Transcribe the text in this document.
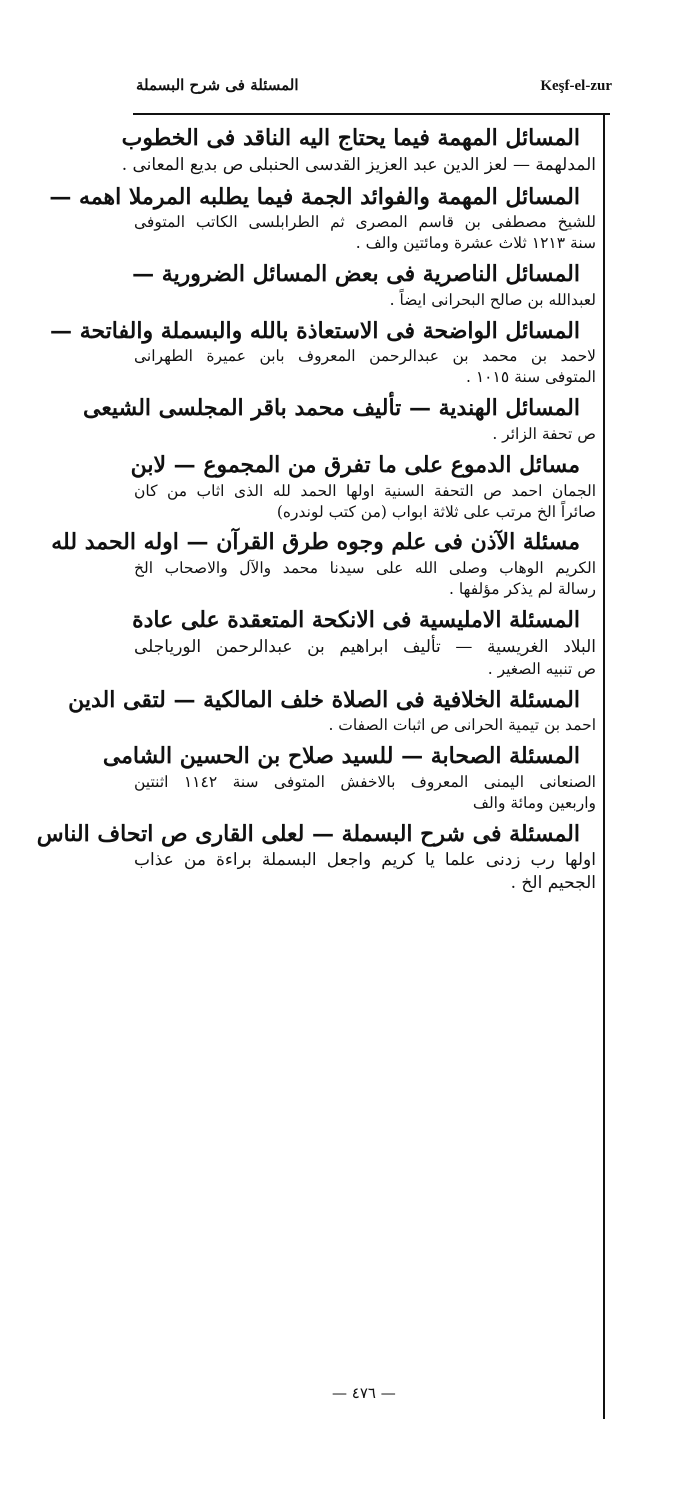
المسئلة فى شرح البسملة	Keşf-el-zur
المسائل المهمة فيما يحتاج اليه الناقد فى الخطوب
المدلهمة — لعز الدين عبد العزيز القدسى الحنبلى ص بديع المعانى .
المسائل المهمة والفوائد الجمة فيما يطلبه المرملا اهمه —
للشيخ مصطفى بن قاسم المصرى ثم الطرابلسى الكاتب المتوفى
سنة ١٢١٣ ثلاث عشرة ومائتين والف .
المسائل الناصرية فى بعض المسائل الضرورية —
لعبدالله بن صالح البحرانى ايضاً .
المسائل الواضحة فى الاستعاذة بالله والبسملة والفاتحة —
لاحمد بن محمد بن عبدالرحمن المعروف بابن عميرة الطهرانى
المتوفى سنة ١٠١٥ .
المسائل الهندية — تأليف محمد باقر المجلسى الشيعى
ص تحفة الزائر .
مسائل الدموع على ما تفرق من المجموع — لابن
الجمان احمد ص التحفة السنية اولها الحمد لله الذى اثاب من كان
صائراً الخ مرتب على ثلاثة ابواب (من كتب لوندره)
مسئلة الآذن فى علم وجوه طرق القرآن — اوله الحمد لله
الكريم الوهاب وصلى الله على سيدنا محمد والآل والاصحاب الخ
رسالة لم يذكر مؤلفها .
المسئلة الاملیسیة فى الانكحة المتعقدة على عادة
البلاد الغريسية — تأليف ابراهيم بن عبدالرحمن الورياجلى
ص تنبيه الصغير .
المسئلة الخلافية فى الصلاة خلف المالكية — لتقى الدين
احمد بن تيمية الحرانى ص اثبات الصفات .
المسئلة الصحابة — للسيد صلاح بن الحسين الشامى
الصنعانى اليمنى المعروف بالاخفش المتوفى سنة ١١٤٢ اثنتين
واربعين ومائة والف
المسئلة فى شرح البسملة — لعلى القارى ص اتحاف الناس
اولها رب زدنى علما يا كريم واجعل البسملة براءة من عذاب
الجحيم الخ .
— ٤٧٦ —
